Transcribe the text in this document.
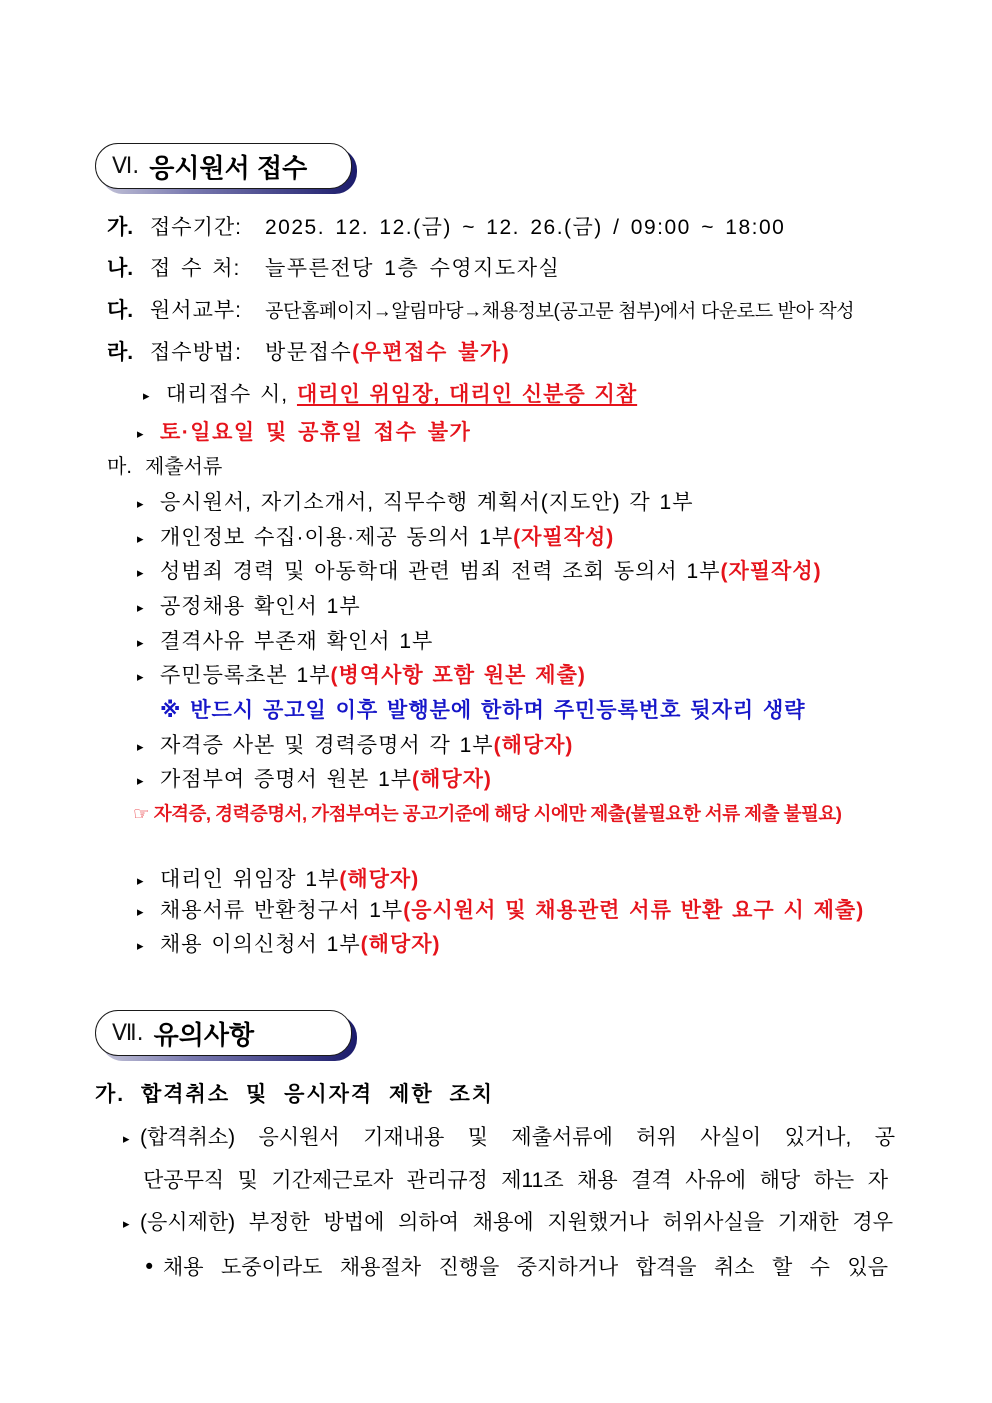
Ⅵ. 응시원서 접수
가. 접수기간: 2025. 12. 12.(금) ~ 12. 26.(금) / 09:00 ~ 18:00
나. 접 수 처: 늘푸른전당 1층 수영지도자실
다. 원서교부: 공단홈페이지→알림마당→채용정보(공고문 첨부)에서 다운로드 받아 작성
라. 접수방법: 방문접수(우편접수 불가)
▸ 대리접수 시, 대리인 위임장, 대리인 신분증 지참
▸ 토·일요일 및 공휴일 접수 불가
마. 제출서류
▸ 응시원서, 자기소개서, 직무수행 계획서(지도안) 각 1부
▸ 개인정보 수집·이용·제공 동의서 1부(자필작성)
▸ 성범죄 경력 및 아동학대 관련 범죄 전력 조회 동의서 1부(자필작성)
▸ 공정채용 확인서 1부
▸ 결격사유 부존재 확인서 1부
▸ 주민등록초본 1부(병역사항 포함 원본 제출)
※ 반드시 공고일 이후 발행분에 한하며 주민등록번호 뒷자리 생략
▸ 자격증 사본 및 경력증명서 각 1부(해당자)
▸ 가점부여 증명서 원본 1부(해당자)
☞ 자격증, 경력증명서, 가점부여는 공고기준에 해당 시에만 제출(불필요한 서류 제출 불필요)
▸ 대리인 위임장 1부(해당자)
▸ 채용서류 반환청구서 1부(응시원서 및 채용관련 서류 반환 요구 시 제출)
▸ 채용 이의신청서 1부(해당자)
Ⅶ. 유의사항
가. 합격취소 및 응시자격 제한 조치
▸ (합격취소) 응시원서 기재내용 및 제출서류에 허위 사실이 있거나, 공
단공무직 및 기간제근로자 관리규정 제11조 채용 결격 사유에 해당 하는 자
▸ (응시제한) 부정한 방법에 의하여 채용에 지원했거나 허위사실을 기재한 경우
• 채용 도중이라도 채용절차 진행을 중지하거나 합격을 취소 할 수 있음
